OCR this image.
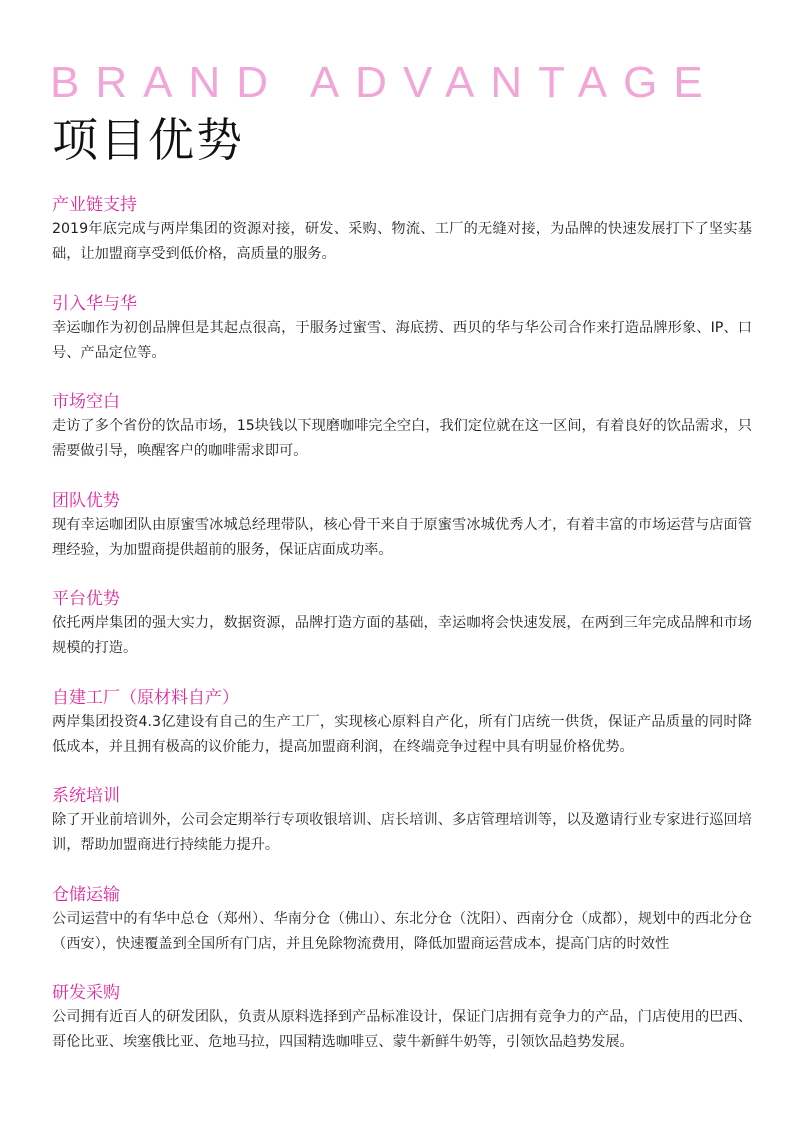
BRAND ADVANTAGE
项目优势
产业链支持
2019年底完成与两岸集团的资源对接，研发、采购、物流、工厂的无缝对接，为品牌的快速发展打下了坚实基础，让加盟商享受到低价格，高质量的服务。
引入华与华
幸运咖作为初创品牌但是其起点很高，于服务过蜜雪、海底捞、西贝的华与华公司合作来打造品牌形象、IP、口号、产品定位等。
市场空白
走访了多个省份的饮品市场，15块钱以下现磨咖啡完全空白，我们定位就在这一区间，有着良好的饮品需求，只需要做引导，唤醒客户的咖啡需求即可。
团队优势
现有幸运咖团队由原蜜雪冰城总经理带队，核心骨干来自于原蜜雪冰城优秀人才，有着丰富的市场运营与店面管理经验，为加盟商提供超前的服务，保证店面成功率。
平台优势
依托两岸集团的强大实力，数据资源，品牌打造方面的基础，幸运咖将会快速发展，在两到三年完成品牌和市场规模的打造。
自建工厂（原材料自产）
两岸集团投资4.3亿建设有自己的生产工厂，实现核心原料自产化，所有门店统一供货，保证产品质量的同时降低成本，并且拥有极高的议价能力，提高加盟商利润，在终端竞争过程中具有明显价格优势。
系统培训
除了开业前培训外，公司会定期举行专项收银培训、店长培训、多店管理培训等，以及邀请行业专家进行巡回培训，帮助加盟商进行持续能力提升。
仓储运输
公司运营中的有华中总仓（郑州）、华南分仓（佛山）、东北分仓（沈阳）、西南分仓（成都），规划中的西北分仓（西安），快速覆盖到全国所有门店，并且免除物流费用，降低加盟商运营成本，提高门店的时效性
研发采购
公司拥有近百人的研发团队，负责从原料选择到产品标准设计，保证门店拥有竞争力的产品，门店使用的巴西、哥伦比亚、埃塞俄比亚、危地马拉，四国精选咖啡豆、蒙牛新鲜牛奶等，引领饮品趋势发展。
